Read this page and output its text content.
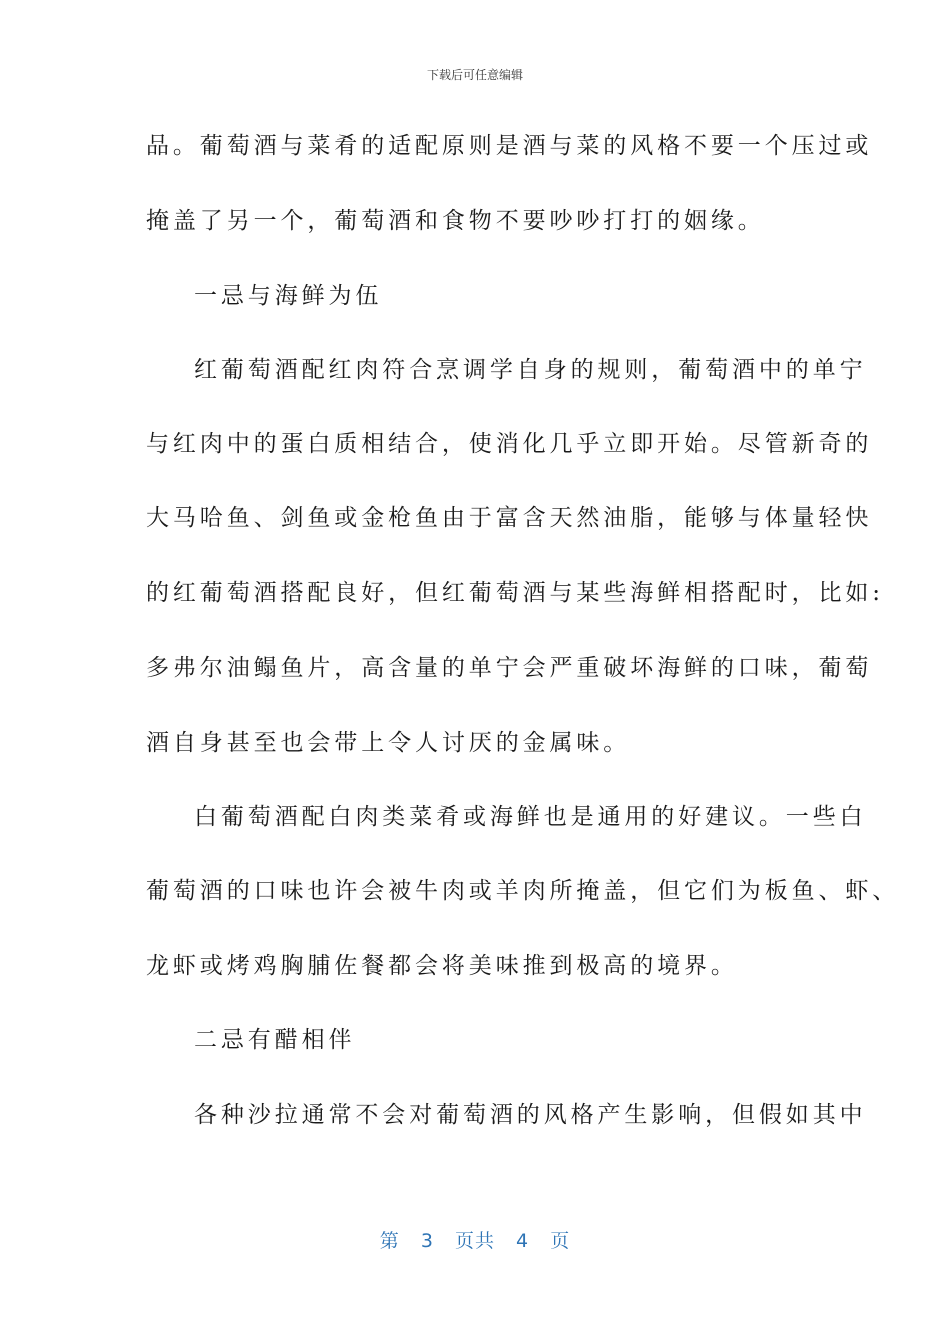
下载后可任意编辑
品。葡萄酒与菜肴的适配原则是酒与菜的风格不要一个压过或
掩盖了另一个，葡萄酒和食物不要吵吵打打的姻缘。
一忌与海鲜为伍
红葡萄酒配红肉符合烹调学自身的规则，葡萄酒中的单宁
与红肉中的蛋白质相结合，使消化几乎立即开始。尽管新奇的
大马哈鱼、剑鱼或金枪鱼由于富含天然油脂，能够与体量轻快
的红葡萄酒搭配良好，但红葡萄酒与某些海鲜相搭配时，比如:
多弗尔油鳎鱼片，高含量的单宁会严重破坏海鲜的口味，葡萄
酒自身甚至也会带上令人讨厌的金属味。
白葡萄酒配白肉类菜肴或海鲜也是通用的好建议。一些白
葡萄酒的口味也许会被牛肉或羊肉所掩盖，但它们为板鱼、虾、
龙虾或烤鸡胸脯佐餐都会将美味推到极高的境界。
二忌有醋相伴
各种沙拉通常不会对葡萄酒的风格产生影响，但假如其中
第 3 页共 4 页
